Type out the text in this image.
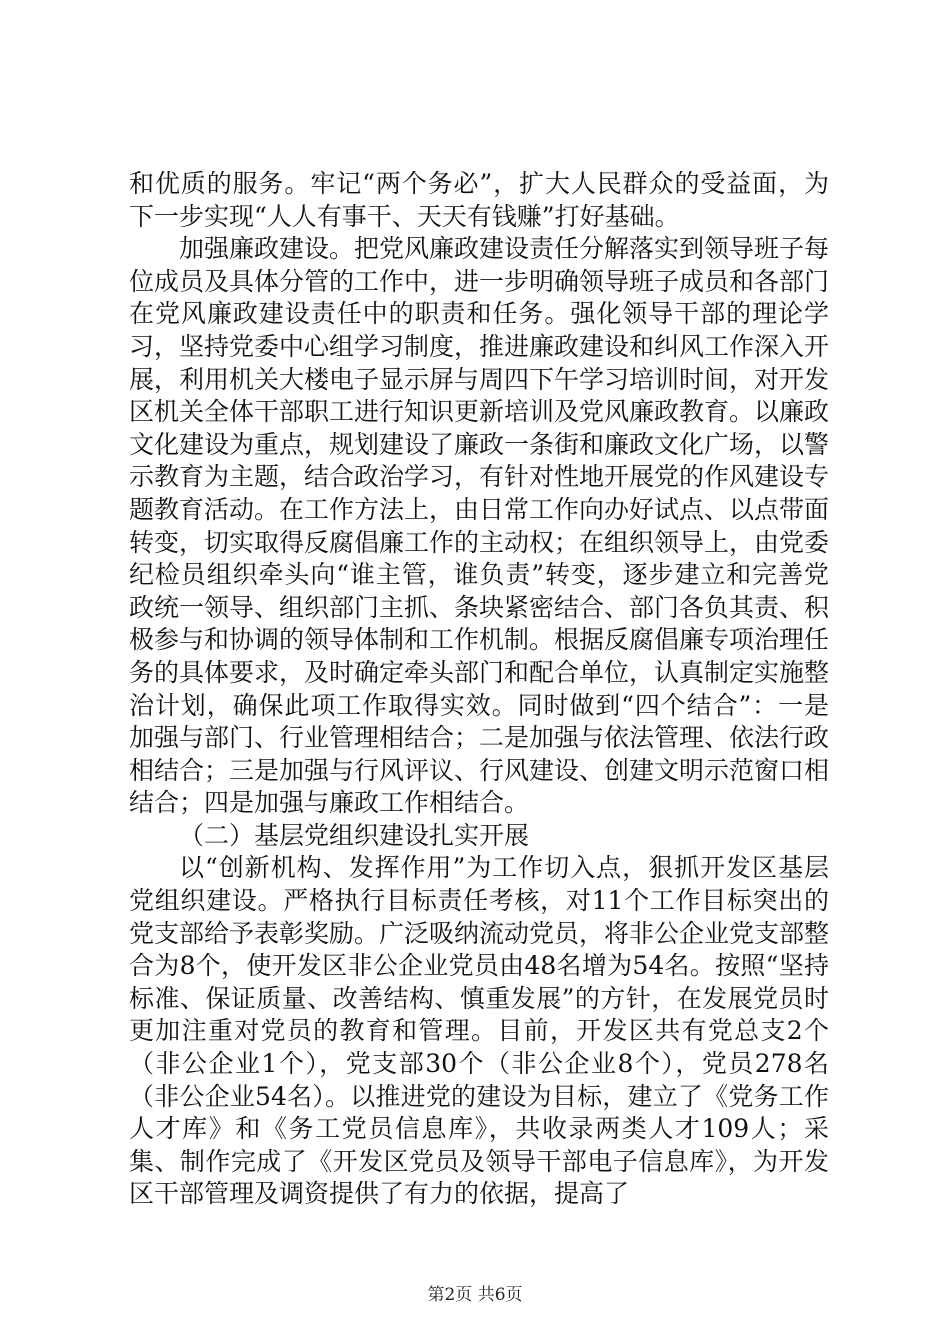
和优质的服务。牢记“两个务必”，扩大人民群众的受益面，为下一步实现“人人有事干、天天有钱赚”打好基础。

加强廉政建设。把党风廉政建设责任分解落实到领导班子每位成员及具体分管的工作中，进一步明确领导班子成员和各部门在党风廉政建设责任中的职责和任务。强化领导干部的理论学习，坚持党委中心组学习制度，推进廉政建设和纠风工作深入开展，利用机关大楼电子显示屏与周四下午学习培训时间，对开发区机关全体干部职工进行知识更新培训及党风廉政教育。以廉政文化建设为重点，规划建设了廉政一条街和廉政文化广场，以警示教育为主题，结合政治学习，有针对性地开展党的作风建设专题教育活动。在工作方法上，由日常工作向办好试点、以点带面转变，切实取得反腐倡廉工作的主动权；在组织领导上，由党委纪检员组织牵头向“谁主管，谁负责”转变，逐步建立和完善党政统一领导、组织部门主抓、条块紧密结合、部门各负其责、积极参与和协调的领导体制和工作机制。根据反腐倡廉专项治理任务的具体要求，及时确定牵头部门和配合单位，认真制定实施整治计划，确保此项工作取得实效。同时做到“四个结合”：一是加强与部门、行业管理相结合；二是加强与依法管理、依法行政相结合；三是加强与行风评议、行风建设、创建文明示范窗口相结合；四是加强与廉政工作相结合。

（二）基层党组织建设扎实开展

以“创新机构、发挥作用”为工作切入点，狠抓开发区基层党组织建设。严格执行目标责任考核，对11个工作目标突出的党支部给予表彰奖励。广泛吸纳流动党员，将非公企业党支部整合为8个，使开发区非公企业党员由48名增为54名。按照“坚持标准、保证质量、改善结构、慎重发展”的方针，在发展党员时更加注重对党员的教育和管理。目前，开发区共有党总支2个（非公企业1个），党支部30个（非公企业8个），党员278名（非公企业54名）。以推进党的建设为目标，建立了《党务工作人才库》和《务工党员信息库》，共收录两类人才109人；采集、制作完成了《开发区党员及领导干部电子信息库》，为开发区干部管理及调资提供了有力的依据，提高了

第2页 共6页
